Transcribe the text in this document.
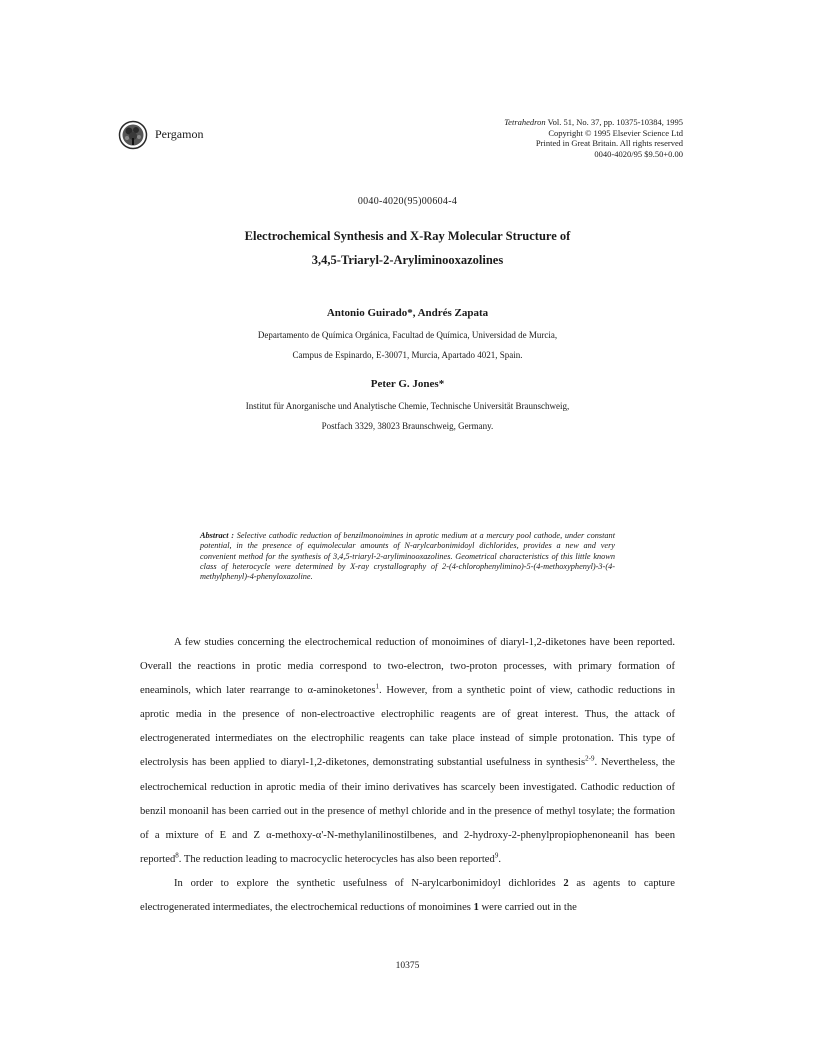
Pergamon
Tetrahedron Vol. 51, No. 37, pp. 10375-10384, 1995
Copyright © 1995 Elsevier Science Ltd
Printed in Great Britain. All rights reserved
0040-4020/95 $9.50+0.00
0040-4020(95)00604-4
Electrochemical Synthesis and X-Ray Molecular Structure of
3,4,5-Triaryl-2-Aryliminooxazolines
Antonio Guirado*, Andrés Zapata
Departamento de Química Orgánica, Facultad de Química, Universidad de Murcia,
Campus de Espinardo, E-30071, Murcia, Apartado 4021, Spain.
Peter G. Jones*
Institut für Anorganische und Analytische Chemie, Technische Universität Braunschweig,
Postfach 3329, 38023 Braunschweig, Germany.
Abstract : Selective cathodic reduction of benzilmonoimines in aprotic medium at a mercury pool cathode, under constant potential, in the presence of equimolecular amounts of N-arylcarbonimidoyl dichlorides, provides a new and very convenient method for the synthesis of 3,4,5-triaryl-2-aryliminooxazolines. Geometrical characteristics of this little known class of heterocycle were determined by X-ray crystallography of 2-(4-chlorophenylimino)-5-(4-methoxyphenyl)-3-(4-methylphenyl)-4-phenyloxazoline.

A few studies concerning the electrochemical reduction of monoimines of diaryl-1,2-diketones have been reported. Overall the reactions in protic media correspond to two-electron, two-proton processes, with primary formation of eneaminols, which later rearrange to α-aminoketones$^1$. However, from a synthetic point of view, cathodic reductions in aprotic media in the presence of non-electroactive electrophilic reagents are of great interest. Thus, the attack of electrogenerated intermediates on the electrophilic reagents can take place instead of simple protonation. This type of electrolysis has been applied to diaryl-1,2-diketones, demonstrating substantial usefulness in synthesis$^{2-9}$. Nevertheless, the electrochemical reduction in aprotic media of their imino derivatives has scarcely been investigated. Cathodic reduction of benzil monoanil has been carried out in the presence of methyl chloride and in the presence of methyl tosylate; the formation of a mixture of E and Z α-methoxy-α'-N-methylanilinostilbenes, and 2-hydroxy-2-phenylpropiophenoneanil has been reported$^8$. The reduction leading to macrocyclic heterocycles has also been reported$^9$.

In order to explore the synthetic usefulness of N-arylcarbonimidoyl dichlorides 2 as agents to capture electrogenerated intermediates, the electrochemical reductions of monoimines 1 were carried out in the

10375
